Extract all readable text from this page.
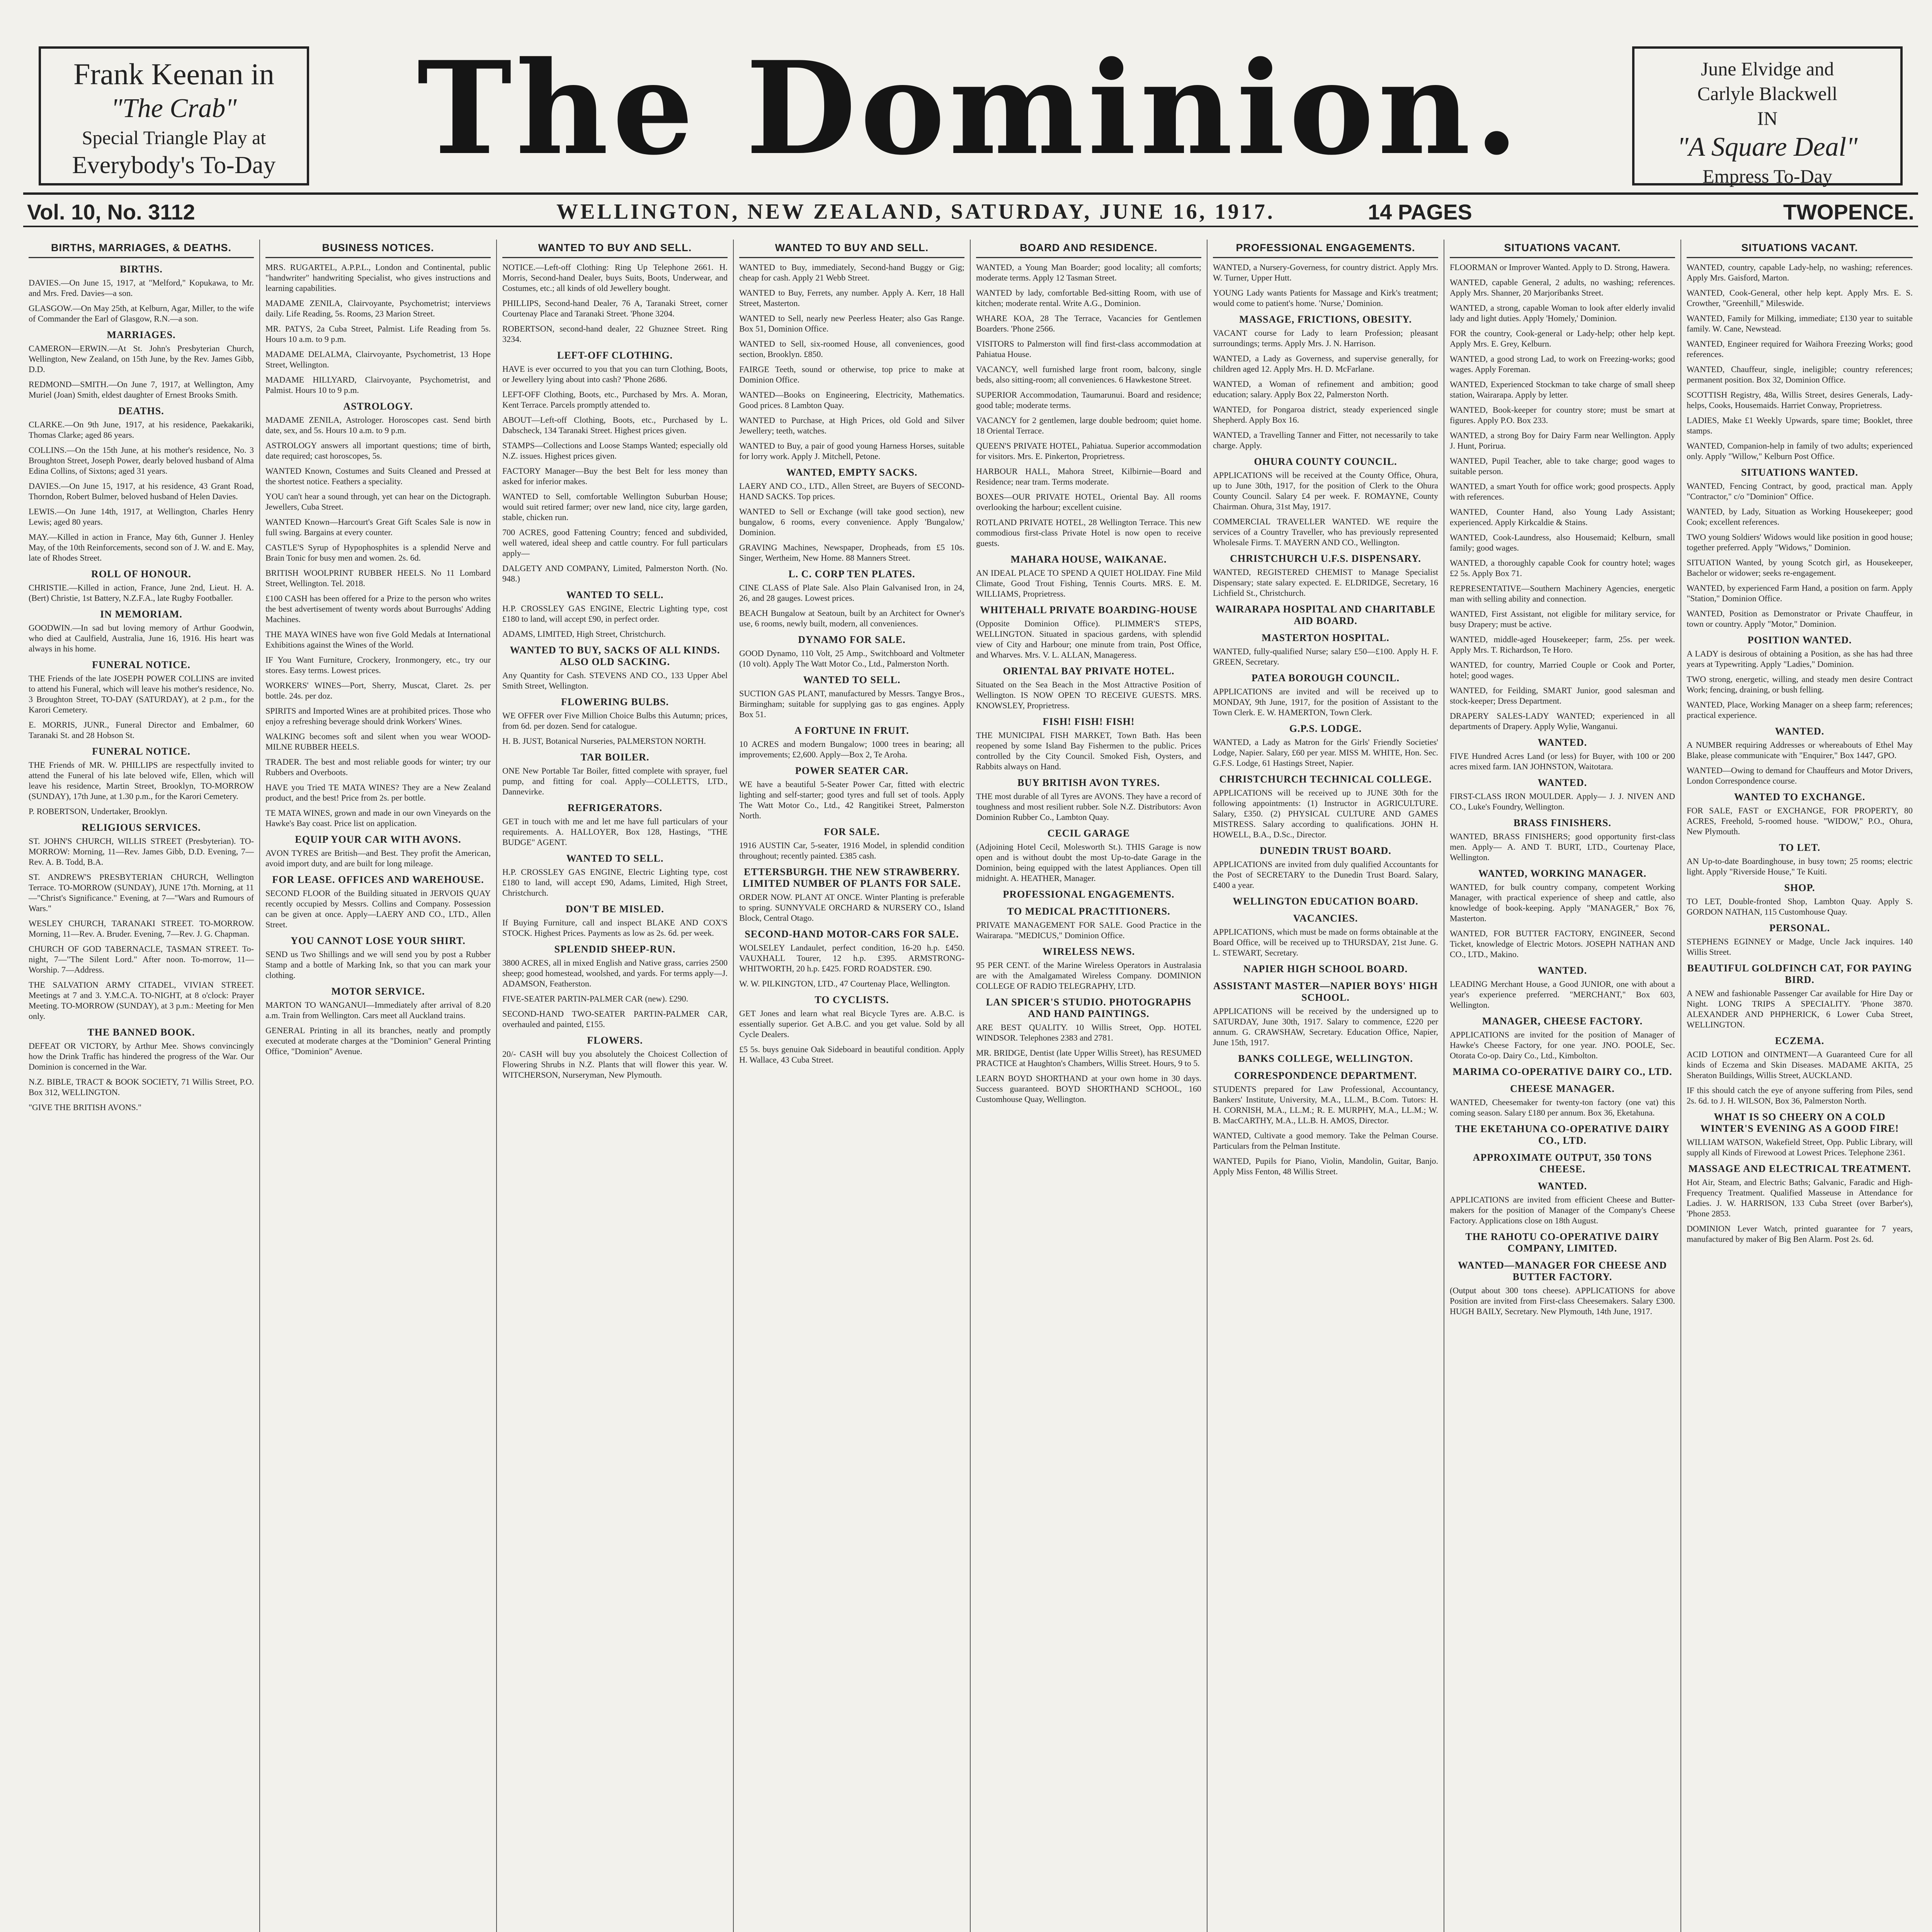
Frank Keenan in
"The Crab"
Special Triangle Play at
Everybody's To-Day	The Dominion.	June Elvidge and
Carlyle Blackwell
IN
"A Square Deal"
Empress To-Day
Vol. 10, No. 3112	WELLINGTON, NEW ZEALAND, SATURDAY, JUNE 16, 1917.	14 PAGES	TWOPENCE.
BIRTHS, MARRIAGES, & DEATHS.
BIRTHS.
DAVIES.—On June 15, 1917, at "Melford," Kopukawa, to Mr. and Mrs. Fred. Davies—a son.
GLASGOW.—On May 25th, at Kelburn, Agar, Miller, to the wife of Commander the Earl of Glasgow, R.N.—a son.
MARRIAGES.
CAMERON—ERWIN.—At St. John's Presbyterian Church, Wellington, New Zealand, on 15th June, by the Rev. James Gibb, D.D.
REDMOND—SMITH.—On June 7, 1917, at Wellington, Amy Muriel (Joan) Smith, eldest daughter of Ernest Brooks Smith.
DEATHS.
CLARKE.—On 9th June, 1917, at his residence, Paekakariki, Thomas Clarke; aged 86 years.
COLLINS.—On the 15th June, at his mother's residence, No. 3 Broughton Street, Joseph Power, dearly beloved husband of Alma Edina Collins, of Sixtons; aged 31 years.
DAVIES.—On June 15, 1917, at his residence, 43 Grant Road, Thorndon, Robert Bulmer, beloved husband of Helen Davies.
LEWIS.—On June 14th, 1917, at Wellington, Charles Henry Lewis; aged 80 years.
MAY.—Killed in action in France, May 6th, Gunner J. Henley May, of the 10th Reinforcements, second son of J. W. and E. May, late of Rhodes Street.
ROLL OF HONOUR.
CHRISTIE.—Killed in action, France, June 2nd, Lieut. H. A. (Bert) Christie, 1st Battery, N.Z.F.A., late Rugby Footballer.
IN MEMORIAM.
GOODWIN.—In sad but loving memory of Arthur Goodwin, who died at Caulfield, Australia, June 16, 1916. His heart was always in his home.
FUNERAL NOTICE.
THE Friends of the late JOSEPH POWER COLLINS are invited to attend his Funeral, which will leave his mother's residence, No. 3 Broughton Street, TO-DAY (SATURDAY), at 2 p.m., for the Karori Cemetery.
E. MORRIS, JUNR., Funeral Director and Embalmer, 60 Taranaki St. and 28 Hobson St.
FUNERAL NOTICE.
THE Friends of MR. W. PHILLIPS are respectfully invited to attend the Funeral of his late beloved wife, Ellen, which will leave his residence, Martin Street, Brooklyn, TO-MORROW (SUNDAY), 17th June, at 1.30 p.m., for the Karori Cemetery.
P. ROBERTSON, Undertaker, Brooklyn.
RELIGIOUS SERVICES.
ST. JOHN'S CHURCH, WILLIS STREET (Presbyterian). TO-MORROW: Morning, 11—Rev. James Gibb, D.D. Evening, 7—Rev. A. B. Todd, B.A.
ST. ANDREW'S PRESBYTERIAN CHURCH, Wellington Terrace. TO-MORROW (SUNDAY), JUNE 17th. Morning, at 11—"Christ's Significance." Evening, at 7—"Wars and Rumours of Wars."
WESLEY CHURCH, TARANAKI STREET. TO-MORROW. Morning, 11—Rev. A. Bruder. Evening, 7—Rev. J. G. Chapman.
CHURCH OF GOD TABERNACLE, TASMAN STREET. To-night, 7—"The Silent Lord." After noon. To-morrow, 11—Worship. 7—Address.
THE SALVATION ARMY CITADEL, VIVIAN STREET. Meetings at 7 and 3. Y.M.C.A. TO-NIGHT, at 8 o'clock: Prayer Meeting. TO-MORROW (SUNDAY), at 3 p.m.: Meeting for Men only.
THE BANNED BOOK.
DEFEAT OR VICTORY, by Arthur Mee. Shows convincingly how the Drink Traffic has hindered the progress of the War. Our Dominion is concerned in the War.
N.Z. BIBLE, TRACT & BOOK SOCIETY, 71 Willis Street, P.O. Box 312, WELLINGTON.
"GIVE THE BRITISH AVONS."
BUSINESS NOTICES.
MRS. RUGARTEL, A.P.P.L., London and Continental, public "handwriter" handwriting Specialist, who gives instructions and learning capabilities.
MADAME ZENILA, Clairvoyante, Psychometrist; interviews daily. Life Reading, 5s. Rooms, 23 Marion Street.
MR. PATYS, 2a Cuba Street, Palmist. Life Reading from 5s. Hours 10 a.m. to 9 p.m.
MADAME DELALMA, Clairvoyante, Psychometrist, 13 Hope Street, Wellington.
MADAME HILLYARD, Clairvoyante, Psychometrist, and Palmist. Hours 10 to 9 p.m.
ASTROLOGY.
MADAME ZENILA, Astrologer. Horoscopes cast. Send birth date, sex, and 5s. Hours 10 a.m. to 9 p.m.
ASTROLOGY answers all important questions; time of birth, date required; cast horoscopes, 5s.
WANTED Known, Costumes and Suits Cleaned and Pressed at the shortest notice. Feathers a speciality.
YOU can't hear a sound through, yet can hear on the Dictograph. Jewellers, Cuba Street.
WANTED Known—Harcourt's Great Gift Scales Sale is now in full swing. Bargains at every counter.
CASTLE'S Syrup of Hypophosphites is a splendid Nerve and Brain Tonic for busy men and women. 2s. 6d.
BRITISH WOOLPRINT RUBBER HEELS. No 11 Lombard Street, Wellington. Tel. 2018.
£100 CASH has been offered for a Prize to the person who writes the best advertisement of twenty words about Burroughs' Adding Machines.
THE MAYA WINES have won five Gold Medals at International Exhibitions against the Wines of the World.
IF You Want Furniture, Crockery, Ironmongery, etc., try our stores. Easy terms. Lowest prices.
WORKERS' WINES—Port, Sherry, Muscat, Claret. 2s. per bottle. 24s. per doz.
SPIRITS and Imported Wines are at prohibited prices. Those who enjoy a refreshing beverage should drink Workers' Wines.
WALKING becomes soft and silent when you wear WOOD-MILNE RUBBER HEELS.
TRADER. The best and most reliable goods for winter; try our Rubbers and Overboots.
HAVE you Tried TE MATA WINES? They are a New Zealand product, and the best! Price from 2s. per bottle.
TE MATA WINES, grown and made in our own Vineyards on the Hawke's Bay coast. Price list on application.
EQUIP YOUR CAR WITH AVONS.
AVON TYRES are British—and Best. They profit the American, avoid import duty, and are built for long mileage.
FOR LEASE. OFFICES AND WAREHOUSE.
SECOND FLOOR of the Building situated in JERVOIS QUAY recently occupied by Messrs. Collins and Company. Possession can be given at once. Apply—LAERY AND CO., LTD., Allen Street.
YOU CANNOT LOSE YOUR SHIRT.
SEND us Two Shillings and we will send you by post a Rubber Stamp and a bottle of Marking Ink, so that you can mark your clothing.
MOTOR SERVICE.
MARTON TO WANGANUI—Immediately after arrival of 8.20 a.m. Train from Wellington. Cars meet all Auckland trains.
GENERAL Printing in all its branches, neatly and promptly executed at moderate charges at the "Dominion" General Printing Office, "Dominion" Avenue.
WANTED TO BUY AND SELL.
NOTICE.—Left-off Clothing: Ring Up Telephone 2661. H. Morris, Second-hand Dealer, buys Suits, Boots, Underwear, and Costumes, etc.; all kinds of old Jewellery bought.
PHILLIPS, Second-hand Dealer, 76 A, Taranaki Street, corner Courtenay Place and Taranaki Street. 'Phone 3204.
ROBERTSON, second-hand dealer, 22 Ghuznee Street. Ring 3234.
LEFT-OFF CLOTHING.
HAVE is ever occurred to you that you can turn Clothing, Boots, or Jewellery lying about into cash? 'Phone 2686.
LEFT-OFF Clothing, Boots, etc., Purchased by Mrs. A. Moran, Kent Terrace. Parcels promptly attended to.
ABOUT—Left-off Clothing, Boots, etc., Purchased by L. Dabscheck, 134 Taranaki Street. Highest prices given.
STAMPS—Collections and Loose Stamps Wanted; especially old N.Z. issues. Highest prices given.
FACTORY Manager—Buy the best Belt for less money than asked for inferior makes.
WANTED to Sell, comfortable Wellington Suburban House; would suit retired farmer; over new land, nice city, large garden, stable, chicken run.
700 ACRES, good Fattening Country; fenced and subdivided, well watered, ideal sheep and cattle country. For full particulars apply—
DALGETY AND COMPANY, Limited, Palmerston North. (No. 948.)
WANTED TO SELL.
H.P. CROSSLEY GAS ENGINE, Electric Lighting type, cost £180 to land, will accept £90, in perfect order.
ADAMS, LIMITED, High Street, Christchurch.
WANTED TO BUY, SACKS OF ALL KINDS. ALSO OLD SACKING.
Any Quantity for Cash. STEVENS AND CO., 133 Upper Abel Smith Street, Wellington.
FLOWERING BULBS.
WE OFFER over Five Million Choice Bulbs this Autumn; prices, from 6d. per dozen. Send for catalogue.
H. B. JUST, Botanical Nurseries, PALMERSTON NORTH.
TAR BOILER.
ONE New Portable Tar Boiler, fitted complete with sprayer, fuel pump, and fitting for coal. Apply—COLLETTS, LTD., Dannevirke.
REFRIGERATORS.
GET in touch with me and let me have full particulars of your requirements. A. HALLOYER, Box 128, Hastings, "THE BUDGE" AGENT.
WANTED TO SELL.
H.P. CROSSLEY GAS ENGINE, Electric Lighting type, cost £180 to land, will accept £90, Adams, Limited, High Street, Christchurch.
DON'T BE MISLED.
If Buying Furniture, call and inspect BLAKE AND COX'S STOCK. Highest Prices. Payments as low as 2s. 6d. per week.
SPLENDID SHEEP-RUN.
3800 ACRES, all in mixed English and Native grass, carries 2500 sheep; good homestead, woolshed, and yards. For terms apply—J. ADAMSON, Featherston.
FIVE-SEATER PARTIN-PALMER CAR (new). £290.
SECOND-HAND TWO-SEATER PARTIN-PALMER CAR, overhauled and painted, £155.
FLOWERS.
20/- CASH will buy you absolutely the Choicest Collection of Flowering Shrubs in N.Z. Plants that will flower this year. W. WITCHERSON, Nurseryman, New Plymouth.
WANTED TO BUY AND SELL.
WANTED to Buy, immediately, Second-hand Buggy or Gig; cheap for cash. Apply 21 Webb Street.
WANTED to Buy, Ferrets, any number. Apply A. Kerr, 18 Hall Street, Masterton.
WANTED to Sell, nearly new Peerless Heater; also Gas Range. Box 51, Dominion Office.
WANTED to Sell, six-roomed House, all conveniences, good section, Brooklyn. £850.
FAIRGE Teeth, sound or otherwise, top price to make at Dominion Office.
WANTED—Books on Engineering, Electricity, Mathematics. Good prices. 8 Lambton Quay.
WANTED to Purchase, at High Prices, old Gold and Silver Jewellery; teeth, watches.
WANTED to Buy, a pair of good young Harness Horses, suitable for lorry work. Apply J. Mitchell, Petone.
WANTED, EMPTY SACKS.
LAERY AND CO., LTD., Allen Street, are Buyers of SECOND-HAND SACKS. Top prices.
WANTED to Sell or Exchange (will take good section), new bungalow, 6 rooms, every convenience. Apply 'Bungalow,' Dominion.
GRAVING Machines, Newspaper, Dropheads, from £5 10s. Singer, Wertheim, New Home. 88 Manners Street.
L. C. CORP TEN PLATES.
CINE CLASS of Plate Sale. Also Plain Galvanised Iron, in 24, 26, and 28 gauges. Lowest prices.
BEACH Bungalow at Seatoun, built by an Architect for Owner's use, 6 rooms, newly built, modern, all conveniences.
DYNAMO FOR SALE.
GOOD Dynamo, 110 Volt, 25 Amp., Switchboard and Voltmeter (10 volt). Apply The Watt Motor Co., Ltd., Palmerston North.
WANTED TO SELL.
SUCTION GAS PLANT, manufactured by Messrs. Tangye Bros., Birmingham; suitable for supplying gas to gas engines. Apply Box 51.
A FORTUNE IN FRUIT.
10 ACRES and modern Bungalow; 1000 trees in bearing; all improvements; £2,600. Apply—Box 2, Te Aroha.
POWER SEATER CAR.
WE have a beautiful 5-Seater Power Car, fitted with electric lighting and self-starter; good tyres and full set of tools. Apply The Watt Motor Co., Ltd., 42 Rangitikei Street, Palmerston North.
FOR SALE.
1916 AUSTIN Car, 5-seater, 1916 Model, in splendid condition throughout; recently painted. £385 cash.
ETTERSBURGH. THE NEW STRAWBERRY. LIMITED NUMBER OF PLANTS FOR SALE.
ORDER NOW. PLANT AT ONCE. Winter Planting is preferable to spring. SUNNYVALE ORCHARD & NURSERY CO., Island Block, Central Otago.
SECOND-HAND MOTOR-CARS FOR SALE.
WOLSELEY Landaulet, perfect condition, 16-20 h.p. £450. VAUXHALL Tourer, 12 h.p. £395. ARMSTRONG-WHITWORTH, 20 h.p. £425. FORD ROADSTER. £90.
W. W. PILKINGTON, LTD., 47 Courtenay Place, Wellington.
TO CYCLISTS.
GET Jones and learn what real Bicycle Tyres are. A.B.C. is essentially superior. Get A.B.C. and you get value. Sold by all Cycle Dealers.
£5 5s. buys genuine Oak Sideboard in beautiful condition. Apply H. Wallace, 43 Cuba Street.
BOARD AND RESIDENCE.
WANTED, a Young Man Boarder; good locality; all comforts; moderate terms. Apply 12 Tasman Street.
WANTED by lady, comfortable Bed-sitting Room, with use of kitchen; moderate rental. Write A.G., Dominion.
WHARE KOA, 28 The Terrace, Vacancies for Gentlemen Boarders. 'Phone 2566.
VISITORS to Palmerston will find first-class accommodation at Pahiatua House.
VACANCY, well furnished large front room, balcony, single beds, also sitting-room; all conveniences. 6 Hawkestone Street.
SUPERIOR Accommodation, Taumarunui. Board and residence; good table; moderate terms.
VACANCY for 2 gentlemen, large double bedroom; quiet home. 18 Oriental Terrace.
QUEEN'S PRIVATE HOTEL, Pahiatua. Superior accommodation for visitors. Mrs. E. Pinkerton, Proprietress.
HARBOUR HALL, Mahora Street, Kilbirnie—Board and Residence; near tram. Terms moderate.
BOXES—OUR PRIVATE HOTEL, Oriental Bay. All rooms overlooking the harbour; excellent cuisine.
ROTLAND PRIVATE HOTEL, 28 Wellington Terrace. This new commodious first-class Private Hotel is now open to receive guests.
MAHARA HOUSE, WAIKANAE.
AN IDEAL PLACE TO SPEND A QUIET HOLIDAY. Fine Mild Climate, Good Trout Fishing, Tennis Courts. MRS. E. M. WILLIAMS, Proprietress.
WHITEHALL PRIVATE BOARDING-HOUSE
(Opposite Dominion Office). PLIMMER'S STEPS, WELLINGTON. Situated in spacious gardens, with splendid view of City and Harbour; one minute from train, Post Office, and Wharves. Mrs. V. L. ALLAN, Manageress.
ORIENTAL BAY PRIVATE HOTEL.
Situated on the Sea Beach in the Most Attractive Position of Wellington. IS NOW OPEN TO RECEIVE GUESTS. MRS. KNOWSLEY, Proprietress.
FISH! FISH! FISH!
THE MUNICIPAL FISH MARKET, Town Bath. Has been reopened by some Island Bay Fishermen to the public. Prices controlled by the City Council. Smoked Fish, Oysters, and Rabbits always on Hand.
BUY BRITISH AVON TYRES.
THE most durable of all Tyres are AVONS. They have a record of toughness and most resilient rubber. Sole N.Z. Distributors: Avon Dominion Rubber Co., Lambton Quay.
CECIL GARAGE
(Adjoining Hotel Cecil, Molesworth St.). THIS Garage is now open and is without doubt the most Up-to-date Garage in the Dominion, being equipped with the latest Appliances. Open till midnight. A. HEATHER, Manager.
PROFESSIONAL ENGAGEMENTS.
TO MEDICAL PRACTITIONERS.
PRIVATE MANAGEMENT FOR SALE. Good Practice in the Wairarapa. "MEDICUS," Dominion Office.
WIRELESS NEWS.
95 PER CENT. of the Marine Wireless Operators in Australasia are with the Amalgamated Wireless Company. DOMINION COLLEGE OF RADIO TELEGRAPHY, LTD.
LAN SPICER'S STUDIO. PHOTOGRAPHS AND HAND PAINTINGS.
ARE BEST QUALITY. 10 Willis Street, Opp. HOTEL WINDSOR. Telephones 2383 and 2781.
MR. BRIDGE, Dentist (late Upper Willis Street), has RESUMED PRACTICE at Haughton's Chambers, Willis Street. Hours, 9 to 5.
LEARN BOYD SHORTHAND at your own home in 30 days. Success guaranteed. BOYD SHORTHAND SCHOOL, 160 Customhouse Quay, Wellington.
PROFESSIONAL ENGAGEMENTS.
WANTED, a Nursery-Governess, for country district. Apply Mrs. W. Turner, Upper Hutt.
YOUNG Lady wants Patients for Massage and Kirk's treatment; would come to patient's home. 'Nurse,' Dominion.
MASSAGE, FRICTIONS, OBESITY.
VACANT course for Lady to learn Profession; pleasant surroundings; terms. Apply Mrs. J. N. Harrison.
WANTED, a Lady as Governess, and supervise generally, for children aged 12. Apply Mrs. H. D. McFarlane.
WANTED, a Woman of refinement and ambition; good education; salary. Apply Box 22, Palmerston North.
WANTED, for Pongaroa district, steady experienced single Shepherd. Apply Box 16.
WANTED, a Travelling Tanner and Fitter, not necessarily to take charge. Apply.
OHURA COUNTY COUNCIL.
APPLICATIONS will be received at the County Office, Ohura, up to June 30th, 1917, for the position of Clerk to the Ohura County Council. Salary £4 per week. F. ROMAYNE, County Chairman. Ohura, 31st May, 1917.
COMMERCIAL TRAVELLER WANTED. WE require the services of a Country Traveller, who has previously represented Wholesale Firms. T. MAYERN AND CO., Wellington.
CHRISTCHURCH U.F.S. DISPENSARY.
WANTED, REGISTERED CHEMIST to Manage Specialist Dispensary; state salary expected. E. ELDRIDGE, Secretary, 16 Lichfield St., Christchurch.
WAIRARAPA HOSPITAL AND CHARITABLE AID BOARD.
MASTERTON HOSPITAL.
WANTED, fully-qualified Nurse; salary £50—£100. Apply H. F. GREEN, Secretary.
PATEA BOROUGH COUNCIL.
APPLICATIONS are invited and will be received up to MONDAY, 9th June, 1917, for the position of Assistant to the Town Clerk. E. W. HAMERTON, Town Clerk.
G.P.S. LODGE.
WANTED, a Lady as Matron for the Girls' Friendly Societies' Lodge, Napier. Salary, £60 per year. MISS M. WHITE, Hon. Sec. G.F.S. Lodge, 61 Hastings Street, Napier.
CHRISTCHURCH TECHNICAL COLLEGE.
APPLICATIONS will be received up to JUNE 30th for the following appointments: (1) Instructor in AGRICULTURE. Salary, £350. (2) PHYSICAL CULTURE AND GAMES MISTRESS. Salary according to qualifications. JOHN H. HOWELL, B.A., D.Sc., Director.
DUNEDIN TRUST BOARD.
APPLICATIONS are invited from duly qualified Accountants for the Post of SECRETARY to the Dunedin Trust Board. Salary, £400 a year.
WELLINGTON EDUCATION BOARD.
VACANCIES.
APPLICATIONS, which must be made on forms obtainable at the Board Office, will be received up to THURSDAY, 21st June. G. L. STEWART, Secretary.
NAPIER HIGH SCHOOL BOARD.
ASSISTANT MASTER—NAPIER BOYS' HIGH SCHOOL.
APPLICATIONS will be received by the undersigned up to SATURDAY, June 30th, 1917. Salary to commence, £220 per annum. G. CRAWSHAW, Secretary. Education Office, Napier, June 15th, 1917.
BANKS COLLEGE, WELLINGTON.
CORRESPONDENCE DEPARTMENT.
STUDENTS prepared for Law Professional, Accountancy, Bankers' Institute, University, M.A., LL.M., B.Com. Tutors: H. H. CORNISH, M.A., LL.M.; R. E. MURPHY, M.A., LL.M.; W. B. MacCARTHY, M.A., LL.B. H. AMOS, Director.
WANTED, Cultivate a good memory. Take the Pelman Course. Particulars from the Pelman Institute.
WANTED, Pupils for Piano, Violin, Mandolin, Guitar, Banjo. Apply Miss Fenton, 48 Willis Street.
SITUATIONS VACANT.
FLOORMAN or Improver Wanted. Apply to D. Strong, Hawera.
WANTED, capable General, 2 adults, no washing; references. Apply Mrs. Shanner, 20 Marjoribanks Street.
WANTED, a strong, capable Woman to look after elderly invalid lady and light duties. Apply 'Homely,' Dominion.
FOR the country, Cook-general or Lady-help; other help kept. Apply Mrs. E. Grey, Kelburn.
WANTED, a good strong Lad, to work on Freezing-works; good wages. Apply Foreman.
WANTED, Experienced Stockman to take charge of small sheep station, Wairarapa. Apply by letter.
WANTED, Book-keeper for country store; must be smart at figures. Apply P.O. Box 233.
WANTED, a strong Boy for Dairy Farm near Wellington. Apply J. Hunt, Porirua.
WANTED, Pupil Teacher, able to take charge; good wages to suitable person.
WANTED, a smart Youth for office work; good prospects. Apply with references.
WANTED, Counter Hand, also Young Lady Assistant; experienced. Apply Kirkcaldie & Stains.
WANTED, Cook-Laundress, also Housemaid; Kelburn, small family; good wages.
WANTED, a thoroughly capable Cook for country hotel; wages £2 5s. Apply Box 71.
REPRESENTATIVE—Southern Machinery Agencies, energetic man with selling ability and connection.
WANTED, First Assistant, not eligible for military service, for busy Drapery; must be active.
WANTED, middle-aged Housekeeper; farm, 25s. per week. Apply Mrs. T. Richardson, Te Horo.
WANTED, for country, Married Couple or Cook and Porter, hotel; good wages.
WANTED, for Feilding, SMART Junior, good salesman and stock-keeper; Dress Department.
DRAPERY SALES-LADY WANTED; experienced in all departments of Drapery. Apply Wylie, Wanganui.
WANTED.
FIVE Hundred Acres Land (or less) for Buyer, with 100 or 200 acres mixed farm. IAN JOHNSTON, Waitotara.
WANTED.
FIRST-CLASS IRON MOULDER. Apply— J. J. NIVEN AND CO., Luke's Foundry, Wellington.
BRASS FINISHERS.
WANTED, BRASS FINISHERS; good opportunity first-class men. Apply— A. AND T. BURT, LTD., Courtenay Place, Wellington.
WANTED, WORKING MANAGER.
WANTED, for bulk country company, competent Working Manager, with practical experience of sheep and cattle, also knowledge of book-keeping. Apply "MANAGER," Box 76, Masterton.
WANTED, FOR BUTTER FACTORY, ENGINEER, Second Ticket, knowledge of Electric Motors. JOSEPH NATHAN AND CO., LTD., Makino.
WANTED.
LEADING Merchant House, a Good JUNIOR, one with about a year's experience preferred. "MERCHANT," Box 603, Wellington.
MANAGER, CHEESE FACTORY.
APPLICATIONS are invited for the position of Manager of Hawke's Cheese Factory, for one year. JNO. POOLE, Sec. Otorata Co-op. Dairy Co., Ltd., Kimbolton.
MARIMA CO-OPERATIVE DAIRY CO., LTD.
CHEESE MANAGER.
WANTED, Cheesemaker for twenty-ton factory (one vat) this coming season. Salary £180 per annum. Box 36, Eketahuna.
THE EKETAHUNA CO-OPERATIVE DAIRY CO., LTD.
APPROXIMATE OUTPUT, 350 TONS CHEESE.
WANTED.
APPLICATIONS are invited from efficient Cheese and Butter-makers for the position of Manager of the Company's Cheese Factory. Applications close on 18th August.
THE RAHOTU CO-OPERATIVE DAIRY COMPANY, LIMITED.
WANTED—MANAGER FOR CHEESE AND BUTTER FACTORY.
(Output about 300 tons cheese). APPLICATIONS for above Position are invited from First-class Cheesemakers. Salary £300. HUGH BAILY, Secretary. New Plymouth, 14th June, 1917.
SITUATIONS VACANT.
WANTED, country, capable Lady-help, no washing; references. Apply Mrs. Gaisford, Marton.
WANTED, Cook-General, other help kept. Apply Mrs. E. S. Crowther, "Greenhill," Mileswide.
WANTED, Family for Milking, immediate; £130 year to suitable family. W. Cane, Newstead.
WANTED, Engineer required for Waihora Freezing Works; good references.
WANTED, Chauffeur, single, ineligible; country references; permanent position. Box 32, Dominion Office.
SCOTTISH Registry, 48a, Willis Street, desires Generals, Lady-helps, Cooks, Housemaids. Harriet Conway, Proprietress.
LADIES, Make £1 Weekly Upwards, spare time; Booklet, three stamps.
WANTED, Companion-help in family of two adults; experienced only. Apply "Willow," Kelburn Post Office.
SITUATIONS WANTED.
WANTED, Fencing Contract, by good, practical man. Apply "Contractor," c/o "Dominion" Office.
WANTED, by Lady, Situation as Working Housekeeper; good Cook; excellent references.
TWO young Soldiers' Widows would like position in good house; together preferred. Apply "Widows," Dominion.
SITUATION Wanted, by young Scotch girl, as Housekeeper, Bachelor or widower; seeks re-engagement.
WANTED, by experienced Farm Hand, a position on farm. Apply "Station," Dominion Office.
WANTED, Position as Demonstrator or Private Chauffeur, in town or country. Apply "Motor," Dominion.
POSITION WANTED.
A LADY is desirous of obtaining a Position, as she has had three years at Typewriting. Apply "Ladies," Dominion.
TWO strong, energetic, willing, and steady men desire Contract Work; fencing, draining, or bush felling.
WANTED, Place, Working Manager on a sheep farm; references; practical experience.
WANTED.
A NUMBER requiring Addresses or whereabouts of Ethel May Blake, please communicate with "Enquirer," Box 1447, GPO.
WANTED—Owing to demand for Chauffeurs and Motor Drivers, London Correspondence course.
WANTED TO EXCHANGE.
FOR SALE, FAST or EXCHANGE, FOR PROPERTY, 80 ACRES, Freehold, 5-roomed house. "WIDOW," P.O., Ohura, New Plymouth.
TO LET.
AN Up-to-date Boardinghouse, in busy town; 25 rooms; electric light. Apply "Riverside House," Te Kuiti.
SHOP.
TO LET, Double-fronted Shop, Lambton Quay. Apply S. GORDON NATHAN, 115 Customhouse Quay.
PERSONAL.
STEPHENS EGINNEY or Madge, Uncle Jack inquires. 140 Willis Street.
BEAUTIFUL GOLDFINCH CAT, FOR PAYING BIRD.
A NEW and fashionable Passenger Car available for Hire Day or Night. LONG TRIPS A SPECIALITY. 'Phone 3870. ALEXANDER AND PHPHERICK, 6 Lower Cuba Street, WELLINGTON.
ECZEMA.
ACID LOTION and OINTMENT—A Guaranteed Cure for all kinds of Eczema and Skin Diseases. MADAME AKITA, 25 Sheraton Buildings, Willis Street, AUCKLAND.
IF this should catch the eye of anyone suffering from Piles, send 2s. 6d. to J. H. WILSON, Box 36, Palmerston North.
WHAT IS SO CHEERY ON A COLD WINTER'S EVENING AS A GOOD FIRE!
WILLIAM WATSON, Wakefield Street, Opp. Public Library, will supply all Kinds of Firewood at Lowest Prices. Telephone 2361.
MASSAGE AND ELECTRICAL TREATMENT.
Hot Air, Steam, and Electric Baths; Galvanic, Faradic and High-Frequency Treatment. Qualified Masseuse in Attendance for Ladies. J. W. HARRISON, 133 Cuba Street (over Barber's), 'Phone 2853.
DOMINION Lever Watch, printed guarantee for 7 years, manufactured by maker of Big Ben Alarm. Post 2s. 6d.
